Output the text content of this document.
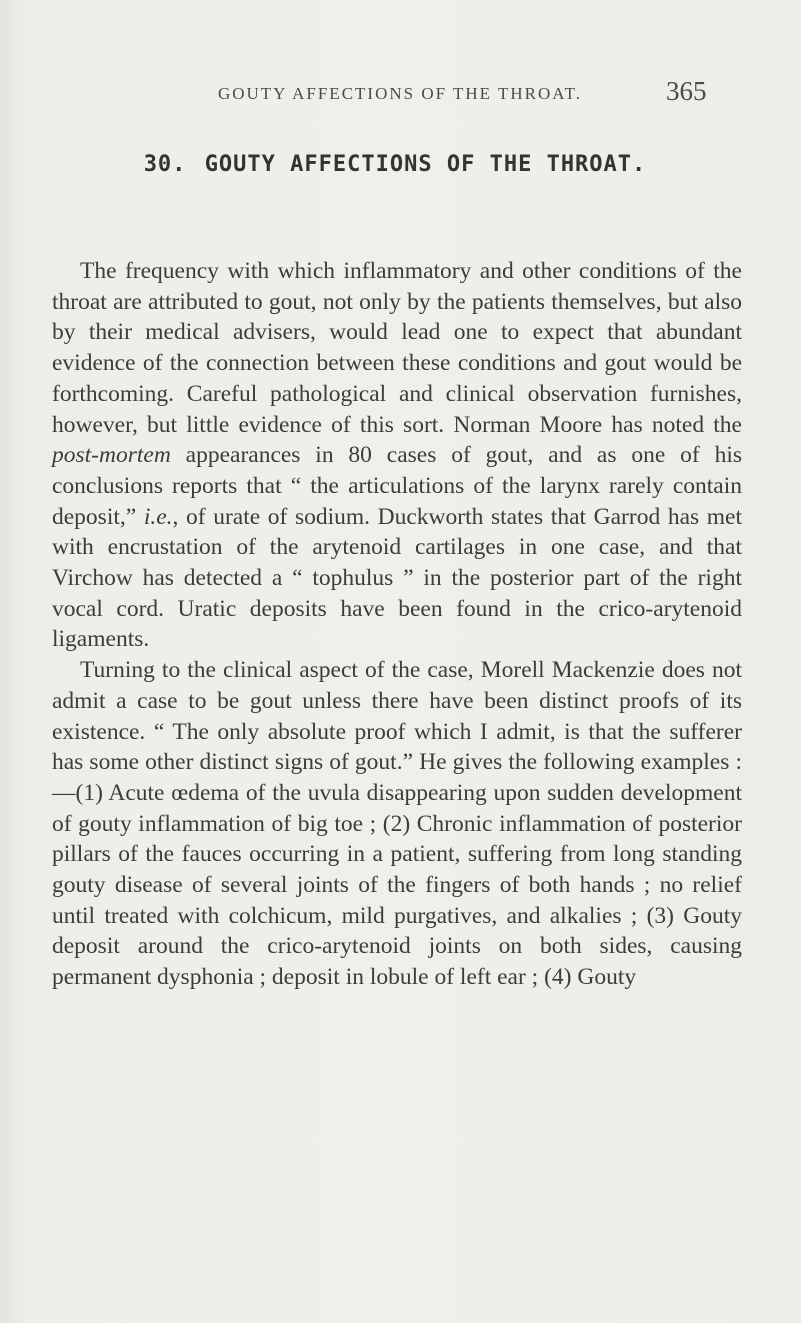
GOUTY AFFECTIONS OF THE THROAT.	365
30. GOUTY AFFECTIONS OF THE THROAT.

The frequency with which inflammatory and other conditions of the throat are attributed to gout, not only by the patients themselves, but also by their medical advisers, would lead one to expect that abundant evidence of the connection between these conditions and gout would be forthcoming. Careful pathological and clinical observation furnishes, however, but little evidence of this sort. Norman Moore has noted the post-mortem appearances in 80 cases of gout, and as one of his conclusions reports that “ the articulations of the larynx rarely contain deposit,” i.e., of urate of sodium. Duckworth states that Garrod has met with encrustation of the arytenoid cartilages in one case, and that Virchow has detected a “ tophulus ” in the posterior part of the right vocal cord. Uratic deposits have been found in the crico-arytenoid ligaments.

Turning to the clinical aspect of the case, Morell Mackenzie does not admit a case to be gout unless there have been distinct proofs of its existence. “ The only absolute proof which I admit, is that the sufferer has some other distinct signs of gout.” He gives the following examples :—(1) Acute œdema of the uvula disappearing upon sudden development of gouty inflammation of big toe ; (2) Chronic inflammation of posterior pillars of the fauces occurring in a patient, suffering from long standing gouty disease of several joints of the fingers of both hands ; no relief until treated with colchicum, mild purgatives, and alkalies ; (3) Gouty deposit around the crico-arytenoid joints on both sides, causing permanent dysphonia ; deposit in lobule of left ear ; (4) Gouty
